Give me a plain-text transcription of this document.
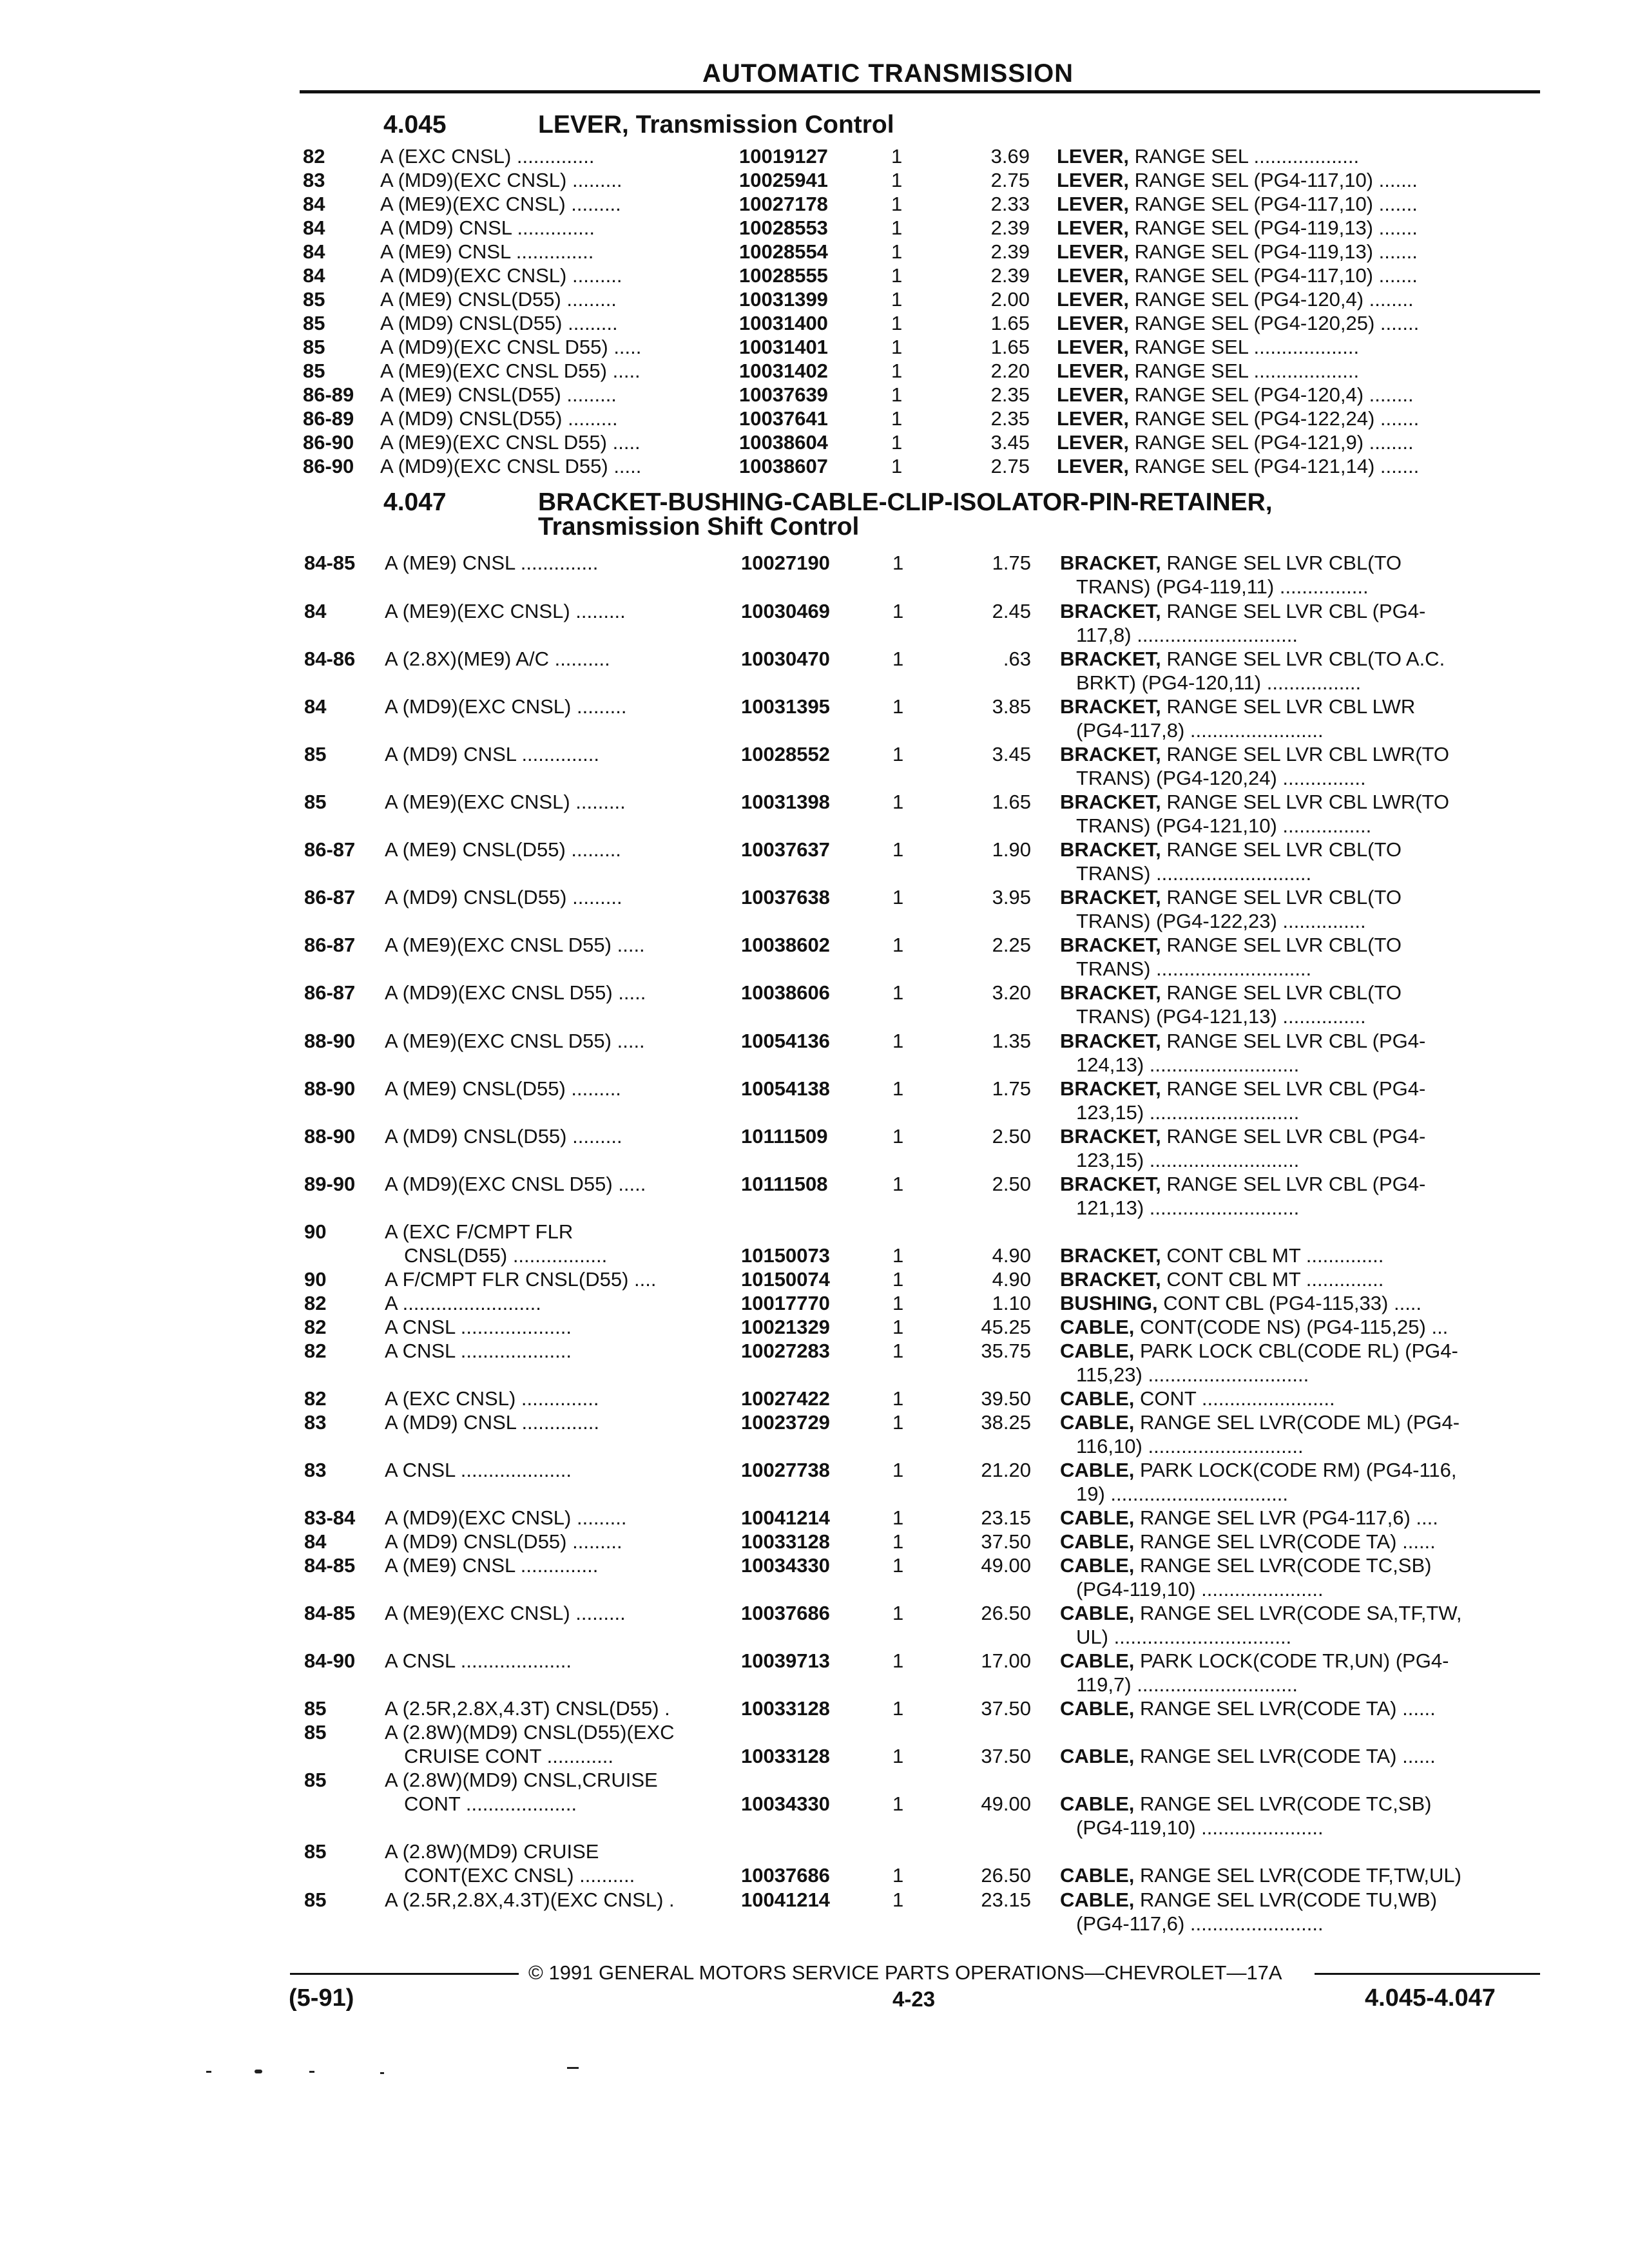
AUTOMATIC TRANSMISSION
4.045	LEVER, Transmission Control
82	A (EXC CNSL) ..............	10019127	1	3.69 LEVER, RANGE SEL ...................
83	A (MD9)(EXC CNSL) .........	10025941	1	2.75 LEVER, RANGE SEL (PG4-117,10) .......
84	A (ME9)(EXC CNSL) .........	10027178	1	2.33 LEVER, RANGE SEL (PG4-117,10) .......
84	A (MD9) CNSL ..............	10028553	1	2.39 LEVER, RANGE SEL (PG4-119,13) .......
84	A (ME9) CNSL ..............	10028554	1	2.39 LEVER, RANGE SEL (PG4-119,13) .......
84	A (MD9)(EXC CNSL) .........	10028555	1	2.39 LEVER, RANGE SEL (PG4-117,10) .......
85	A (ME9) CNSL(D55) .........	10031399	1	2.00 LEVER, RANGE SEL (PG4-120,4) ........
85	A (MD9) CNSL(D55) .........	10031400	1	1.65 LEVER, RANGE SEL (PG4-120,25) .......
85	A (MD9)(EXC CNSL D55) .....	10031401	1	1.65 LEVER, RANGE SEL ...................
85	A (ME9)(EXC CNSL D55) .....	10031402	1	2.20 LEVER, RANGE SEL ...................
86-89 A (ME9) CNSL(D55) .........	10037639	1	2.35 LEVER, RANGE SEL (PG4-120,4) ........
86-89 A (MD9) CNSL(D55) .........	10037641	1	2.35 LEVER, RANGE SEL (PG4-122,24) .......
86-90 A (ME9)(EXC CNSL D55) .....	10038604	1	3.45 LEVER, RANGE SEL (PG4-121,9) ........
86-90 A (MD9)(EXC CNSL D55) .....	10038607	1	2.75 LEVER, RANGE SEL (PG4-121,14) .......
4.047	BRACKET-BUSHING-CABLE-CLIP-ISOLATOR-PIN-RETAINER,
Transmission Shift Control
84-85 A (ME9) CNSL ..............	10027190	1	1.75 BRACKET, RANGE SEL LVR CBL(TO
TRANS) (PG4-119,11) ................
84	A (ME9)(EXC CNSL) .........	10030469	1	2.45 BRACKET, RANGE SEL LVR CBL (PG4-
117,8) .............................
84-86 A (2.8X)(ME9) A/C ..........	10030470	1	.63 BRACKET, RANGE SEL LVR CBL(TO A.C.
BRKT) (PG4-120,11) .................
84	A (MD9)(EXC CNSL) .........	10031395	1	3.85 BRACKET, RANGE SEL LVR CBL LWR
(PG4-117,8) ........................
85	A (MD9) CNSL ..............	10028552	1	3.45 BRACKET, RANGE SEL LVR CBL LWR(TO
TRANS) (PG4-120,24) ...............
85	A (ME9)(EXC CNSL) .........	10031398	1	1.65 BRACKET, RANGE SEL LVR CBL LWR(TO
TRANS) (PG4-121,10) ................
86-87 A (ME9) CNSL(D55) .........	10037637	1	1.90 BRACKET, RANGE SEL LVR CBL(TO
TRANS) ............................
86-87 A (MD9) CNSL(D55) .........	10037638	1	3.95 BRACKET, RANGE SEL LVR CBL(TO
TRANS) (PG4-122,23) ...............
86-87 A (ME9)(EXC CNSL D55) .....	10038602	1	2.25 BRACKET, RANGE SEL LVR CBL(TO
TRANS) ............................
86-87 A (MD9)(EXC CNSL D55) .....	10038606	1	3.20 BRACKET, RANGE SEL LVR CBL(TO
TRANS) (PG4-121,13) ...............
88-90 A (ME9)(EXC CNSL D55) .....	10054136	1	1.35 BRACKET, RANGE SEL LVR CBL (PG4-
124,13) ...........................
88-90 A (ME9) CNSL(D55) .........	10054138	1	1.75 BRACKET, RANGE SEL LVR CBL (PG4-
123,15) ...........................
88-90 A (MD9) CNSL(D55) .........	10111509	1	2.50 BRACKET, RANGE SEL LVR CBL (PG4-
123,15) ...........................
89-90 A (MD9)(EXC CNSL D55) .....	10111508	1	2.50 BRACKET, RANGE SEL LVR CBL (PG4-
121,13) ...........................
90	A (EXC F/CMPT FLR
CNSL(D55) .................	10150073	1	4.90 BRACKET, CONT CBL MT ..............
90	A F/CMPT FLR CNSL(D55) ....	10150074	1	4.90 BRACKET, CONT CBL MT ..............
82	A .........................	10017770	1	1.10 BUSHING, CONT CBL (PG4-115,33) .....
82	A CNSL ....................	10021329	1	45.25 CABLE, CONT(CODE NS) (PG4-115,25) ...
82	A CNSL ....................	10027283	1	35.75 CABLE, PARK LOCK CBL(CODE RL) (PG4-
115,23) .............................
82	A (EXC CNSL) ..............	10027422	1	39.50 CABLE, CONT ........................
83	A (MD9) CNSL ..............	10023729	1	38.25 CABLE, RANGE SEL LVR(CODE ML) (PG4-
116,10) ............................
83	A CNSL ....................	10027738	1	21.20 CABLE, PARK LOCK(CODE RM) (PG4-116,
19) ................................
83-84 A (MD9)(EXC CNSL) .........	10041214	1	23.15 CABLE, RANGE SEL LVR (PG4-117,6) ....
84	A (MD9) CNSL(D55) .........	10033128	1	37.50 CABLE, RANGE SEL LVR(CODE TA) ......
84-85 A (ME9) CNSL ..............	10034330	1	49.00 CABLE, RANGE SEL LVR(CODE TC,SB)
(PG4-119,10) ......................
84-85 A (ME9)(EXC CNSL) .........	10037686	1	26.50 CABLE, RANGE SEL LVR(CODE SA,TF,TW,
UL) ................................
84-90 A CNSL ....................	10039713	1	17.00 CABLE, PARK LOCK(CODE TR,UN) (PG4-
119,7) .............................
85	A (2.5R,2.8X,4.3T) CNSL(D55) .	10033128	1	37.50 CABLE, RANGE SEL LVR(CODE TA) ......
85	A (2.8W)(MD9) CNSL(D55)(EXC
CRUISE CONT ............	10033128	1	37.50 CABLE, RANGE SEL LVR(CODE TA) ......
85	A (2.8W)(MD9) CNSL,CRUISE
CONT ....................	10034330	1	49.00 CABLE, RANGE SEL LVR(CODE TC,SB)
(PG4-119,10) ......................
85	A (2.8W)(MD9) CRUISE
CONT(EXC CNSL) ..........	10037686	1	26.50 CABLE, RANGE SEL LVR(CODE TF,TW,UL)
85	A (2.5R,2.8X,4.3T)(EXC CNSL) .	10041214	1	23.15 CABLE, RANGE SEL LVR(CODE TU,WB)
(PG4-117,6) ........................
© 1991 GENERAL MOTORS SERVICE PARTS OPERATIONS—CHEVROLET—17A
(5-91)	4-23	4.045-4.047
